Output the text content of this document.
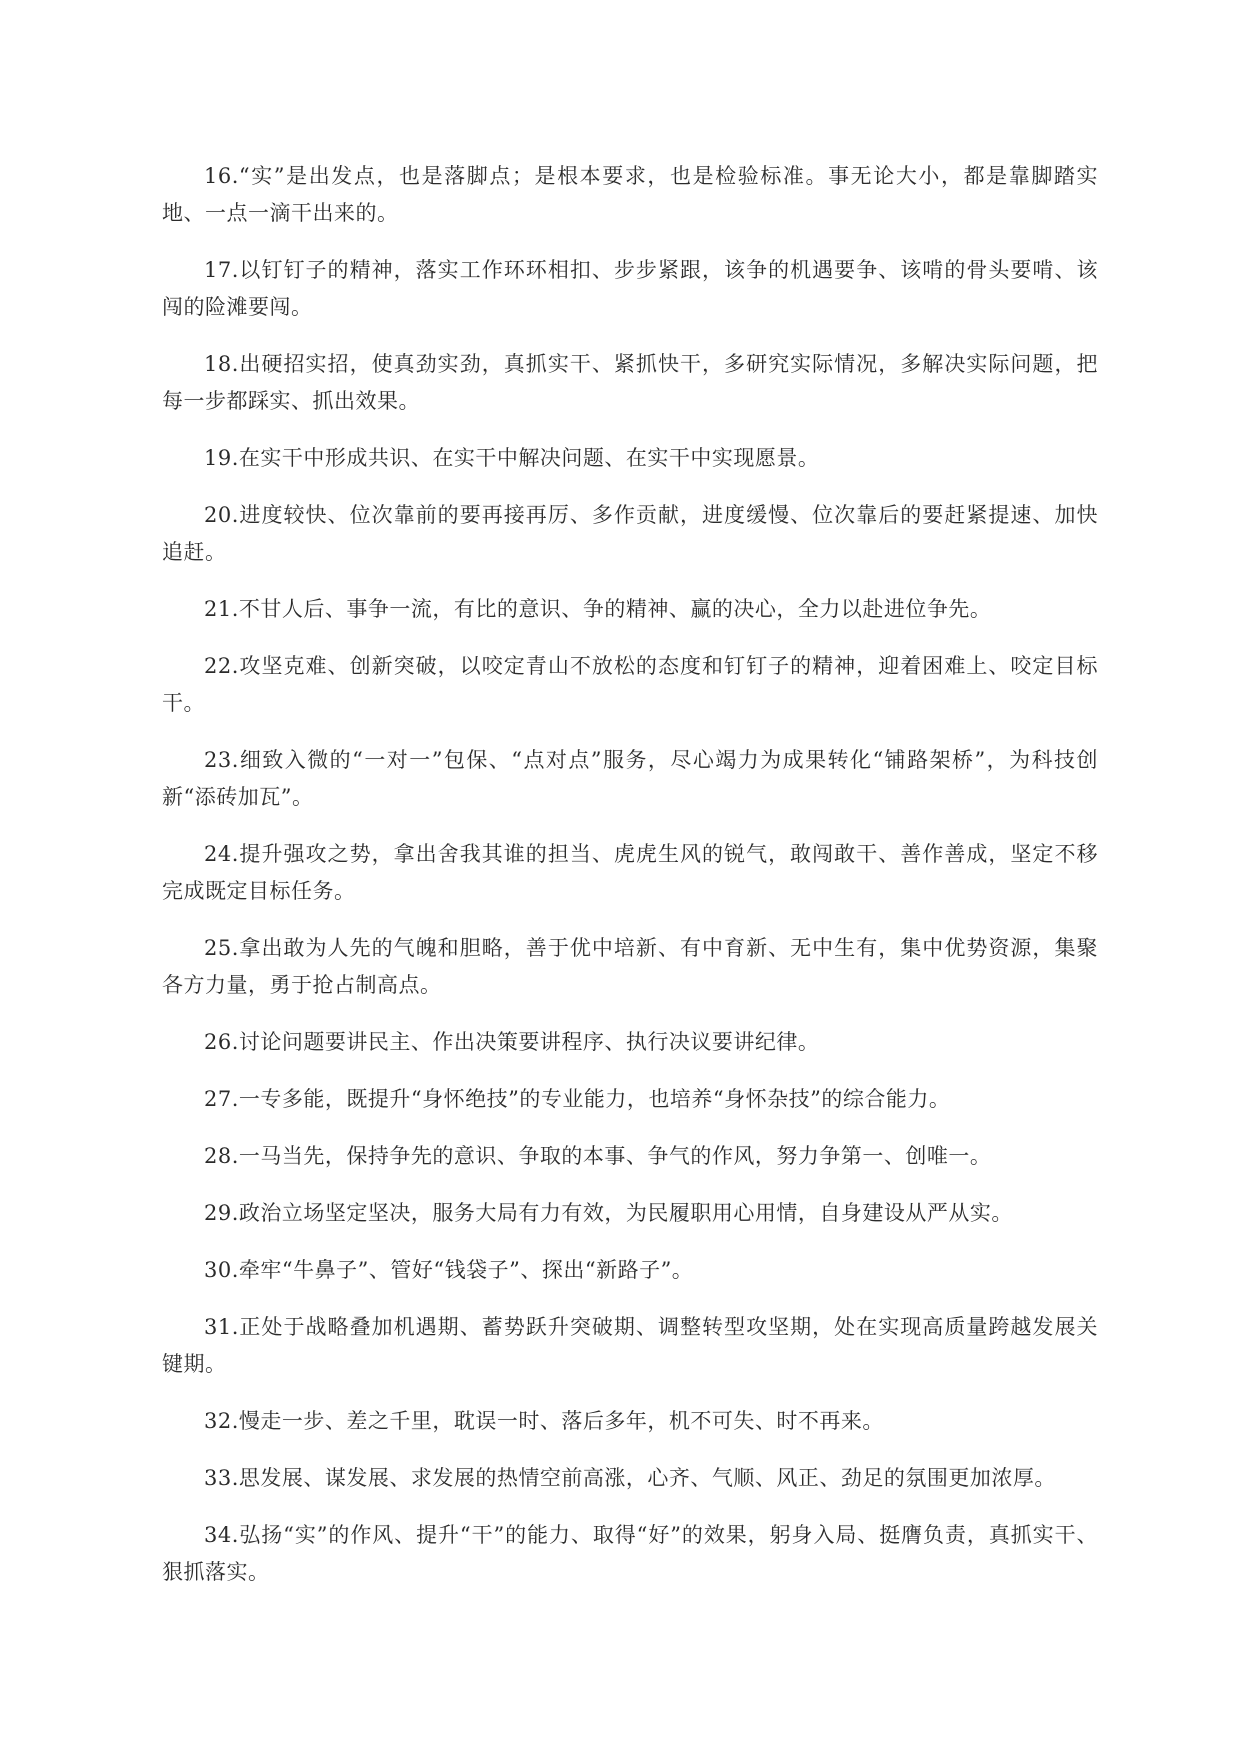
16.“实”是出发点，也是落脚点；是根本要求，也是检验标准。事无论大小，都是靠脚踏实地、一点一滴干出来的。

17.以钉钉子的精神，落实工作环环相扣、步步紧跟，该争的机遇要争、该啃的骨头要啃、该闯的险滩要闯。

18.出硬招实招，使真劲实劲，真抓实干、紧抓快干，多研究实际情况，多解决实际问题，把每一步都踩实、抓出效果。

19.在实干中形成共识、在实干中解决问题、在实干中实现愿景。

20.进度较快、位次靠前的要再接再厉、多作贡献，进度缓慢、位次靠后的要赶紧提速、加快追赶。

21.不甘人后、事争一流，有比的意识、争的精神、赢的决心，全力以赴进位争先。

22.攻坚克难、创新突破，以咬定青山不放松的态度和钉钉子的精神，迎着困难上、咬定目标干。

23.细致入微的“一对一”包保、“点对点”服务，尽心竭力为成果转化“铺路架桥”，为科技创新“添砖加瓦”。

24.提升强攻之势，拿出舍我其谁的担当、虎虎生风的锐气，敢闯敢干、善作善成，坚定不移完成既定目标任务。

25.拿出敢为人先的气魄和胆略，善于优中培新、有中育新、无中生有，集中优势资源，集聚各方力量，勇于抢占制高点。

26.讨论问题要讲民主、作出决策要讲程序、执行决议要讲纪律。

27.一专多能，既提升“身怀绝技”的专业能力，也培养“身怀杂技”的综合能力。

28.一马当先，保持争先的意识、争取的本事、争气的作风，努力争第一、创唯一。

29.政治立场坚定坚决，服务大局有力有效，为民履职用心用情，自身建设从严从实。

30.牵牢“牛鼻子”、管好“钱袋子”、探出“新路子”。

31.正处于战略叠加机遇期、蓄势跃升突破期、调整转型攻坚期，处在实现高质量跨越发展关键期。

32.慢走一步、差之千里，耽误一时、落后多年，机不可失、时不再来。

33.思发展、谋发展、求发展的热情空前高涨，心齐、气顺、风正、劲足的氛围更加浓厚。

34.弘扬“实”的作风、提升“干”的能力、取得“好”的效果，躬身入局、挺膺负责，真抓实干、狠抓落实。
